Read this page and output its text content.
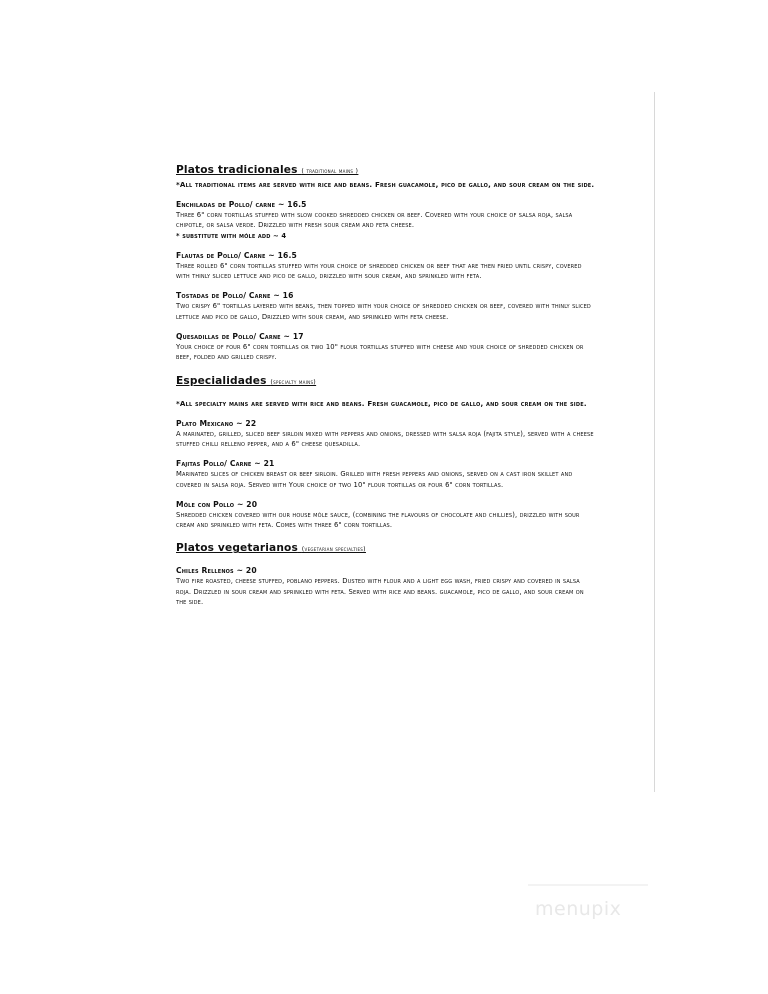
Platos tradicionales ( traditional mains )
*All traditional items are served with rice and beans. Fresh guacamole, pico de gallo, and sour cream on the side.
Enchiladas de Pollo/ carne ~ 16.5
Three 6" corn tortillas stuffed with slow cooked shredded chicken or beef. Covered with your choice of salsa roja, salsa chipotle, or salsa verde. Drizzled with fresh sour cream and feta cheese.
* substitute with móle add ~ 4
Flautas de Pollo/ Carne ~ 16.5
Three rolled 6" corn tortillas stuffed with your choice of shredded chicken or beef that are then fried until crispy, covered with thinly sliced lettuce and pico de gallo, drizzled with sour cream, and sprinkled with feta.
Tostadas de Pollo/ Carne ~ 16
Two crispy 6" tortillas layered with beans, then topped with your choice of shredded chicken or beef, covered with thinly sliced lettuce and pico de gallo, Drizzled with sour cream, and sprinkled with feta cheese.
Quesadillas de Pollo/ Carne ~ 17
Your choice of four 6" corn tortillas or two 10" flour tortillas stuffed with cheese and your choice of shredded chicken or beef, folded and grilled crispy.
Especialidades (specialty mains)
*All specialty mains are served with rice and beans. Fresh guacamole, pico de gallo, and sour cream on the side.
Plato Mexicano ~ 22
A marinated, grilled, sliced beef sirloin mixed with peppers and onions, dressed with salsa roja (fajita style), served with a cheese stuffed chilli relleno pepper, and a 6" cheese quesadilla.
Fajitas Pollo/ Carne ~ 21
Marinated slices of chicken breast or beef sirloin. Grilled with fresh peppers and onions, served on a cast iron skillet and covered in salsa roja. Served with Your choice of two 10" flour tortillas or four 6" corn tortillas.
Móle con Pollo ~ 20
Shredded chicken covered with our house móle sauce, (combining the flavours of chocolate and chillies), drizzled with sour cream and sprinkled with feta. Comes with three 6" corn tortillas.
Platos vegetarianos (vegetarian specialties)
Chiles Rellenos ~ 20
Two fire roasted, cheese stuffed, poblano peppers. Dusted with flour and a light egg wash, fried crispy and covered in salsa roja. Drizzled in sour cream and sprinkled with feta. Served with rice and beans. guacamole, pico de gallo, and sour cream on the side.
menupix
